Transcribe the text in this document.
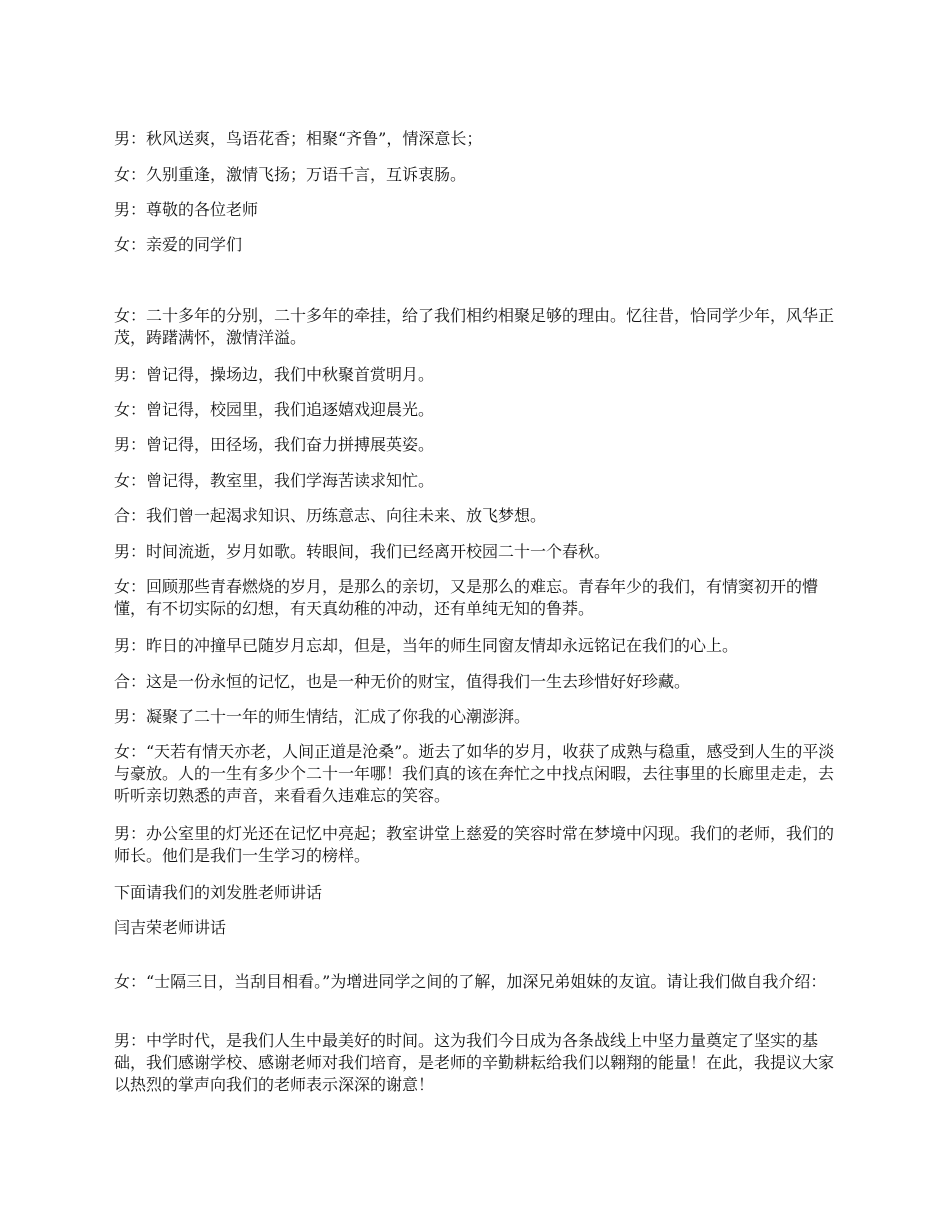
男：秋风送爽，鸟语花香；相聚“齐鲁”，情深意长；

女：久别重逢，激情飞扬；万语千言，互诉衷肠。

男：尊敬的各位老师

女：亲爱的同学们

女：二十多年的分别，二十多年的牵挂，给了我们相约相聚足够的理由。忆往昔，恰同学少年，风华正茂，踌躇满怀，激情洋溢。

男：曾记得，操场边，我们中秋聚首赏明月。

女：曾记得，校园里，我们追逐嬉戏迎晨光。

男：曾记得，田径场，我们奋力拼搏展英姿。

女：曾记得，教室里，我们学海苦读求知忙。

合：我们曾一起渴求知识、历练意志、向往未来、放飞梦想。

男：时间流逝，岁月如歌。转眼间，我们已经离开校园二十一个春秋。

女：回顾那些青春燃烧的岁月，是那么的亲切，又是那么的难忘。青春年少的我们，有情窦初开的懵懂，有不切实际的幻想，有天真幼稚的冲动，还有单纯无知的鲁莽。

男：昨日的冲撞早已随岁月忘却，但是，当年的师生同窗友情却永远铭记在我们的心上。

合：这是一份永恒的记忆，也是一种无价的财宝，值得我们一生去珍惜好好珍藏。

男：凝聚了二十一年的师生情结，汇成了你我的心潮澎湃。

女：“天若有情天亦老，人间正道是沧桑”。逝去了如华的岁月，收获了成熟与稳重，感受到人生的平淡与豪放。人的一生有多少个二十一年哪！我们真的该在奔忙之中找点闲暇，去往事里的长廊里走走，去听听亲切熟悉的声音，来看看久违难忘的笑容。

男：办公室里的灯光还在记忆中亮起；教室讲堂上慈爱的笑容时常在梦境中闪现。我们的老师，我们的师长。他们是我们一生学习的榜样。

下面请我们的刘发胜老师讲话

闫吉荣老师讲话

女：“士隔三日，当刮目相看。”为增进同学之间的了解，加深兄弟姐妹的友谊。请让我们做自我介绍：

男：中学时代，是我们人生中最美好的时间。这为我们今日成为各条战线上中坚力量奠定了坚实的基础，我们感谢学校、感谢老师对我们培育，是老师的辛勤耕耘给我们以翱翔的能量！在此，我提议大家以热烈的掌声向我们的老师表示深深的谢意！
